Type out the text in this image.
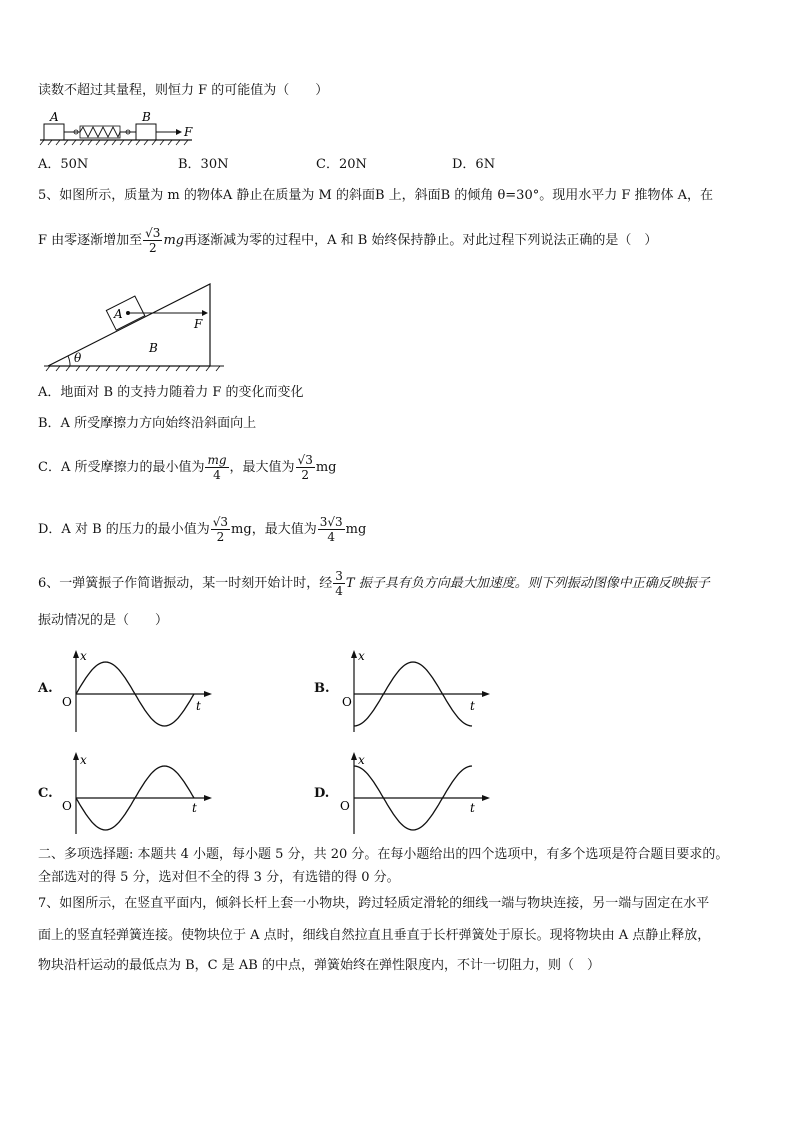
读数不超过其量程，则恒力 F 的可能值为（　　）
A	B
F
A．50N	B．30N	C．20N	D．6N
5、如图所示，质量为 m 的物体A 静止在质量为 M 的斜面B 上，斜面B 的倾角 θ=30°。现用水平力 F 推物体 A，在
F 由零逐渐增加至 $\frac{√3}{2}$ mg再逐渐减为零的过程中，A 和 B 始终保持静止。对此过程下列说法正确的是（　）
A
F
B
θ
A．地面对 B 的支持力随着力 F 的变化而变化
B．A 所受摩擦力方向始终沿斜面向上
C．A 所受摩擦力的最小值为 $\frac{mg}{4}$ ，最大值为 $\frac{√3}{2}$ mg
D．A 对 B 的压力的最小值为 $\frac{√3}{2}$ mg，最大值为 $\frac{3√3}{4}$ mg
6、一弹簧振子作简谐振动，某一时刻开始计时，经 $\frac{3}{4}$ T 振子具有负方向最大加速度。则下列振动图像中正确反映振子
振动情况的是（　　）
A.
x
t
O
B.
x
t
O
C.
x
t
O
D.
x
t
O
二、多项选择题: 本题共 4 小题，每小题 5 分，共 20 分。在每小题给出的四个选项中，有多个选项是符合题目要求的。
全部选对的得 5 分，选对但不全的得 3 分，有选错的得 0 分。
7、如图所示，在竖直平面内，倾斜长杆上套一小物块，跨过轻质定滑轮的细线一端与物块连接，另一端与固定在水平
面上的竖直轻弹簧连接。使物块位于 A 点时，细线自然拉直且垂直于长杆弹簧处于原长。现将物块由 A 点静止释放，
物块沿杆运动的最低点为 B，C 是 AB 的中点，弹簧始终在弹性限度内，不计一切阻力，则（　）
